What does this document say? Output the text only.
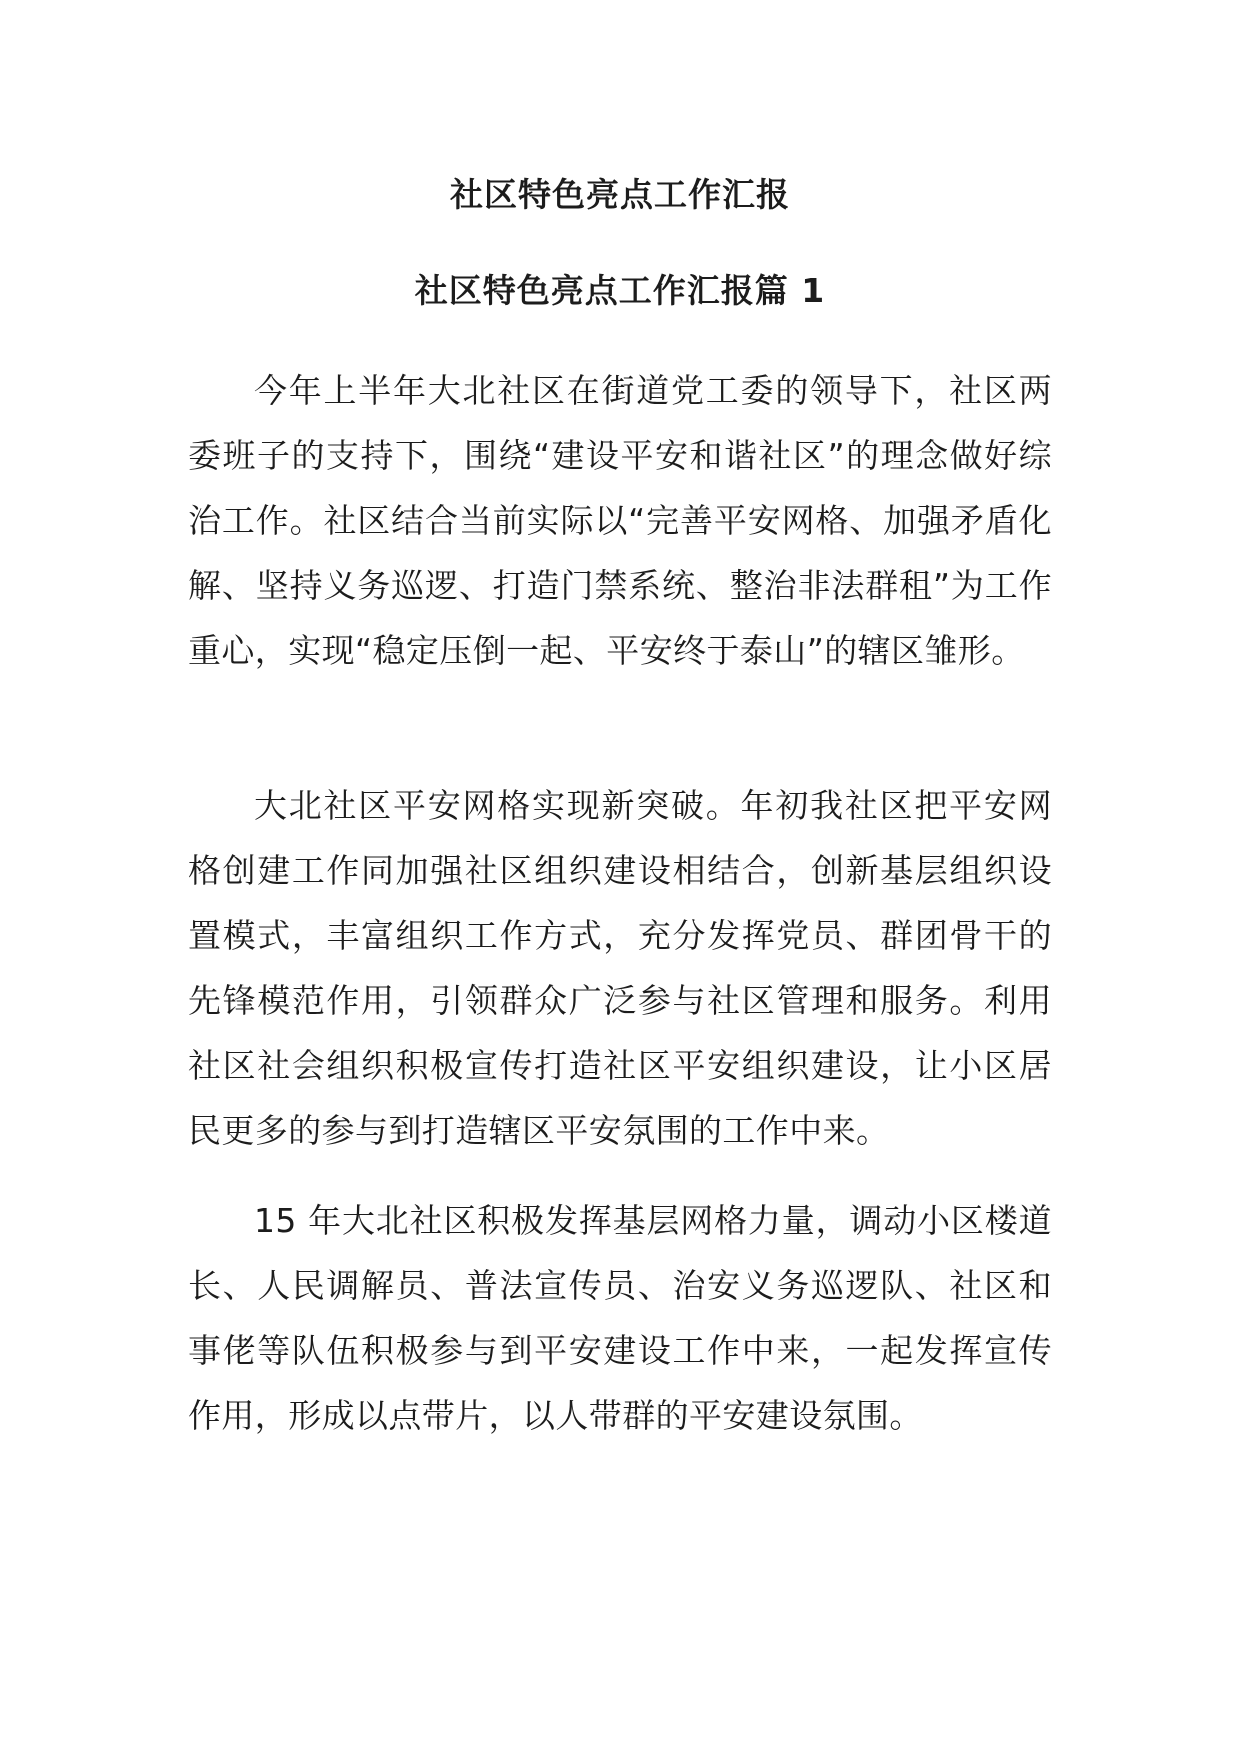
社区特色亮点工作汇报
社区特色亮点工作汇报篇 1

今年上半年大北社区在街道党工委的领导下，社区两委班子的支持下，围绕“建设平安和谐社区”的理念做好综治工作。社区结合当前实际以“完善平安网格、加强矛盾化解、坚持义务巡逻、打造门禁系统、整治非法群租”为工作重心，实现“稳定压倒一起、平安终于泰山”的辖区雏形。

大北社区平安网格实现新突破。年初我社区把平安网格创建工作同加强社区组织建设相结合，创新基层组织设置模式，丰富组织工作方式，充分发挥党员、群团骨干的先锋模范作用，引领群众广泛参与社区管理和服务。利用社区社会组织积极宣传打造社区平安组织建设，让小区居民更多的参与到打造辖区平安氛围的工作中来。

15 年大北社区积极发挥基层网格力量，调动小区楼道长、人民调解员、普法宣传员、治安义务巡逻队、社区和事佬等队伍积极参与到平安建设工作中来，一起发挥宣传作用，形成以点带片，以人带群的平安建设氛围。
